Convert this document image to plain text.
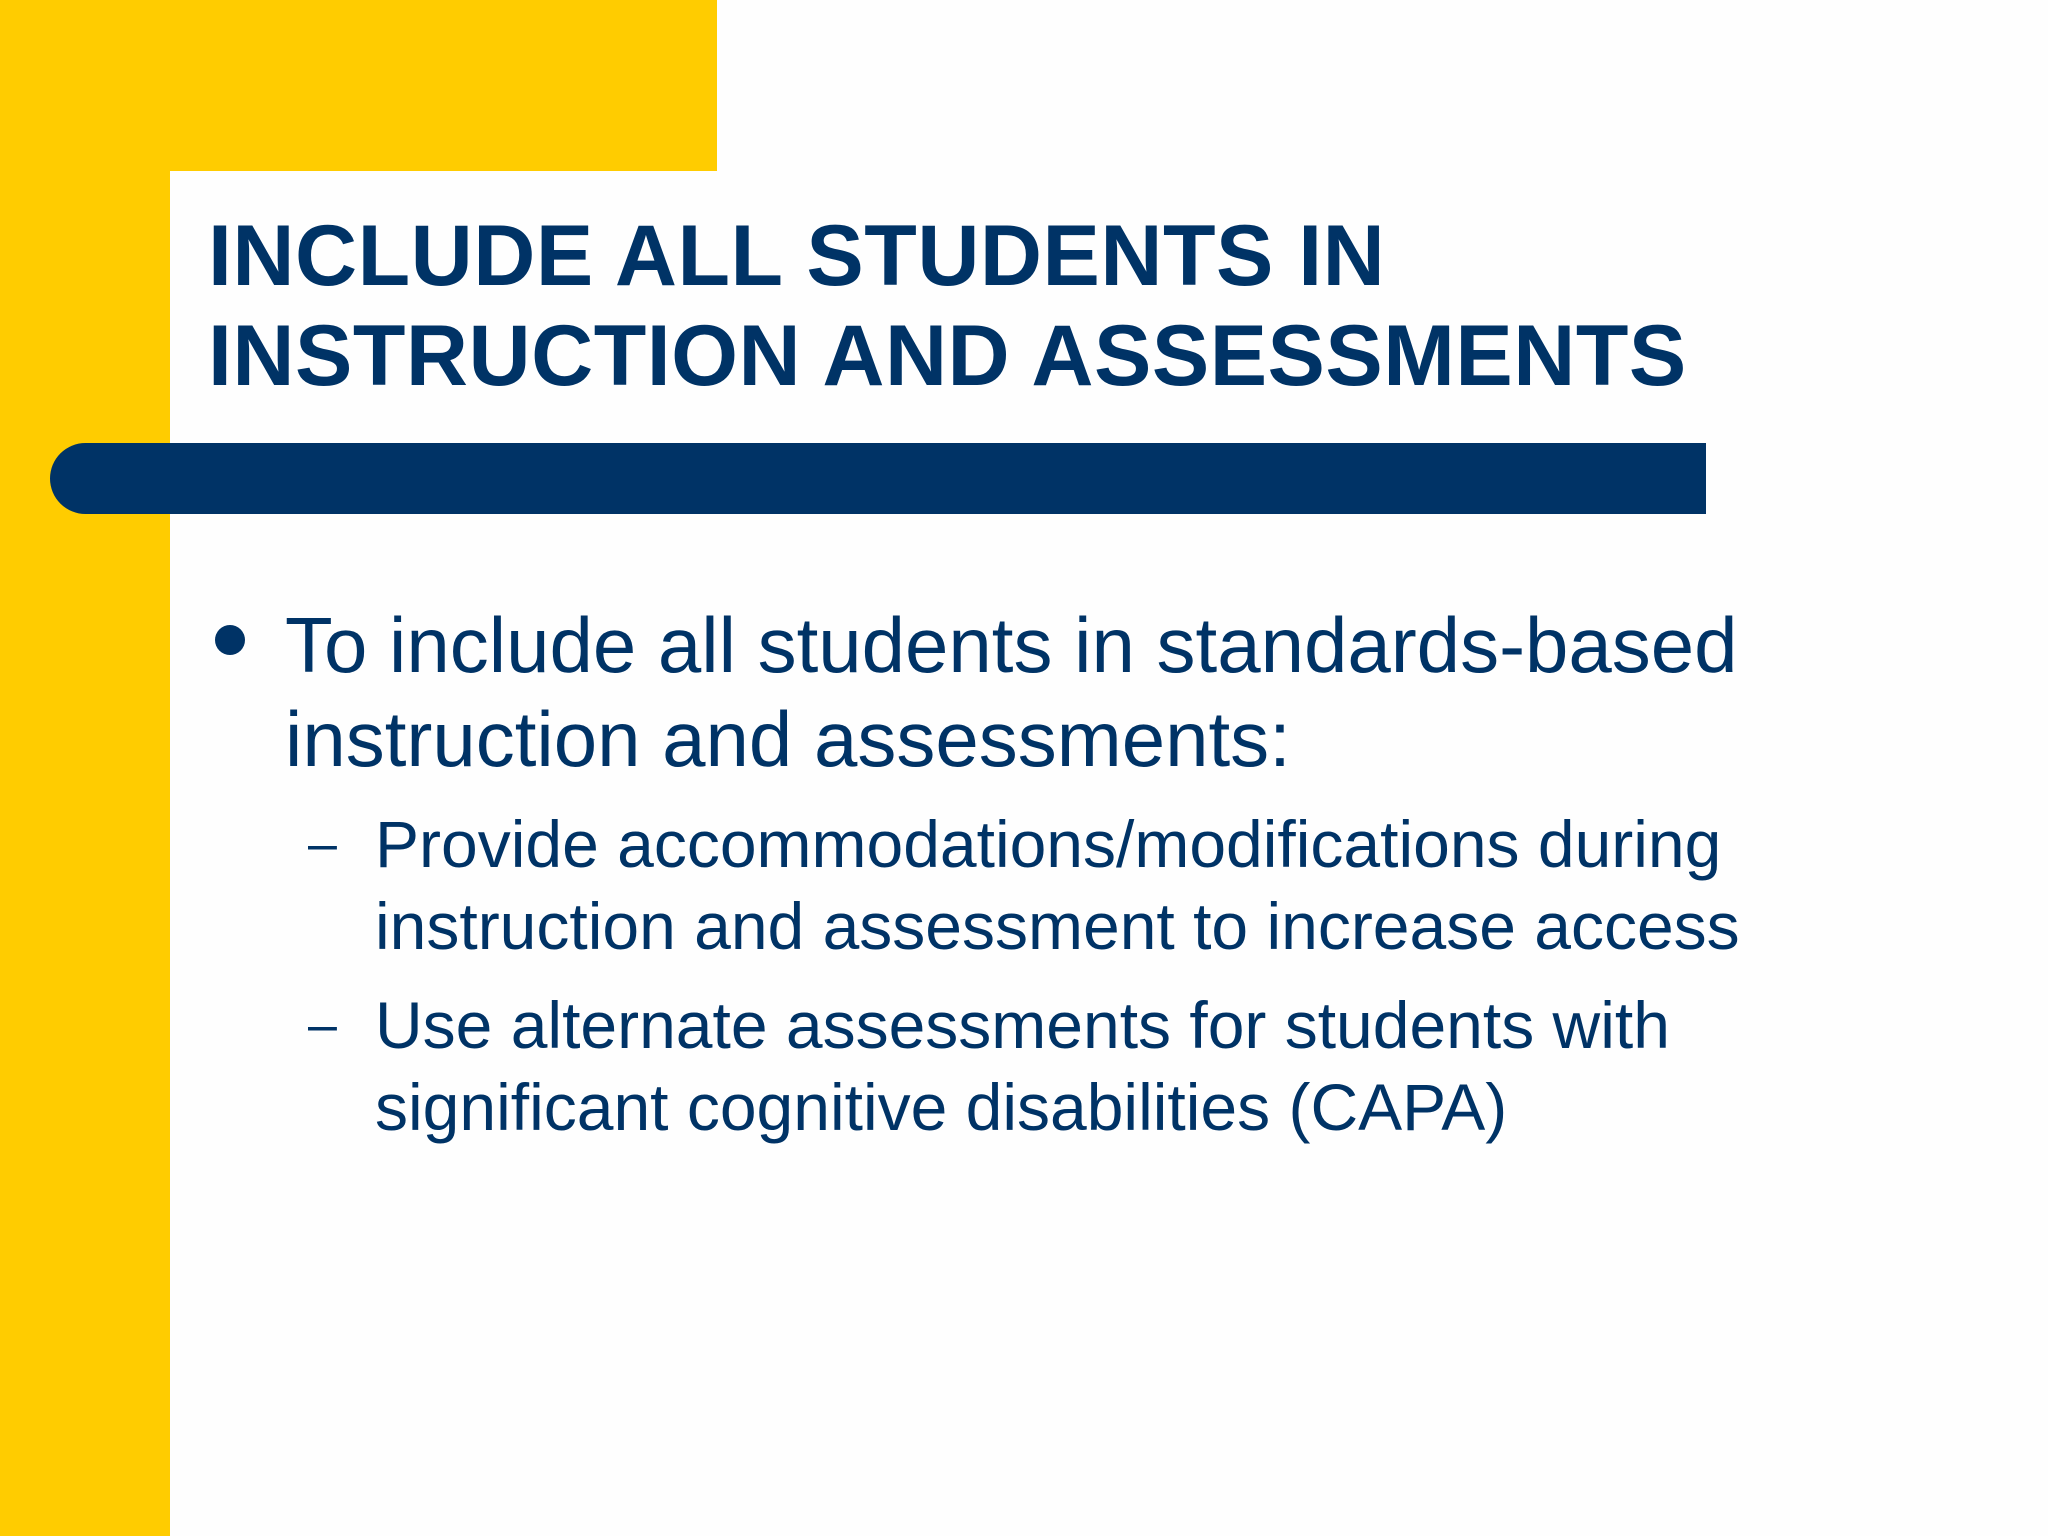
INCLUDE ALL STUDENTS IN
INSTRUCTION AND ASSESSMENTS
To include all students in standards-based
instruction and assessments:
– Provide accommodations/modifications during
instruction and assessment to increase access
– Use alternate assessments for students with
significant cognitive disabilities (CAPA)
